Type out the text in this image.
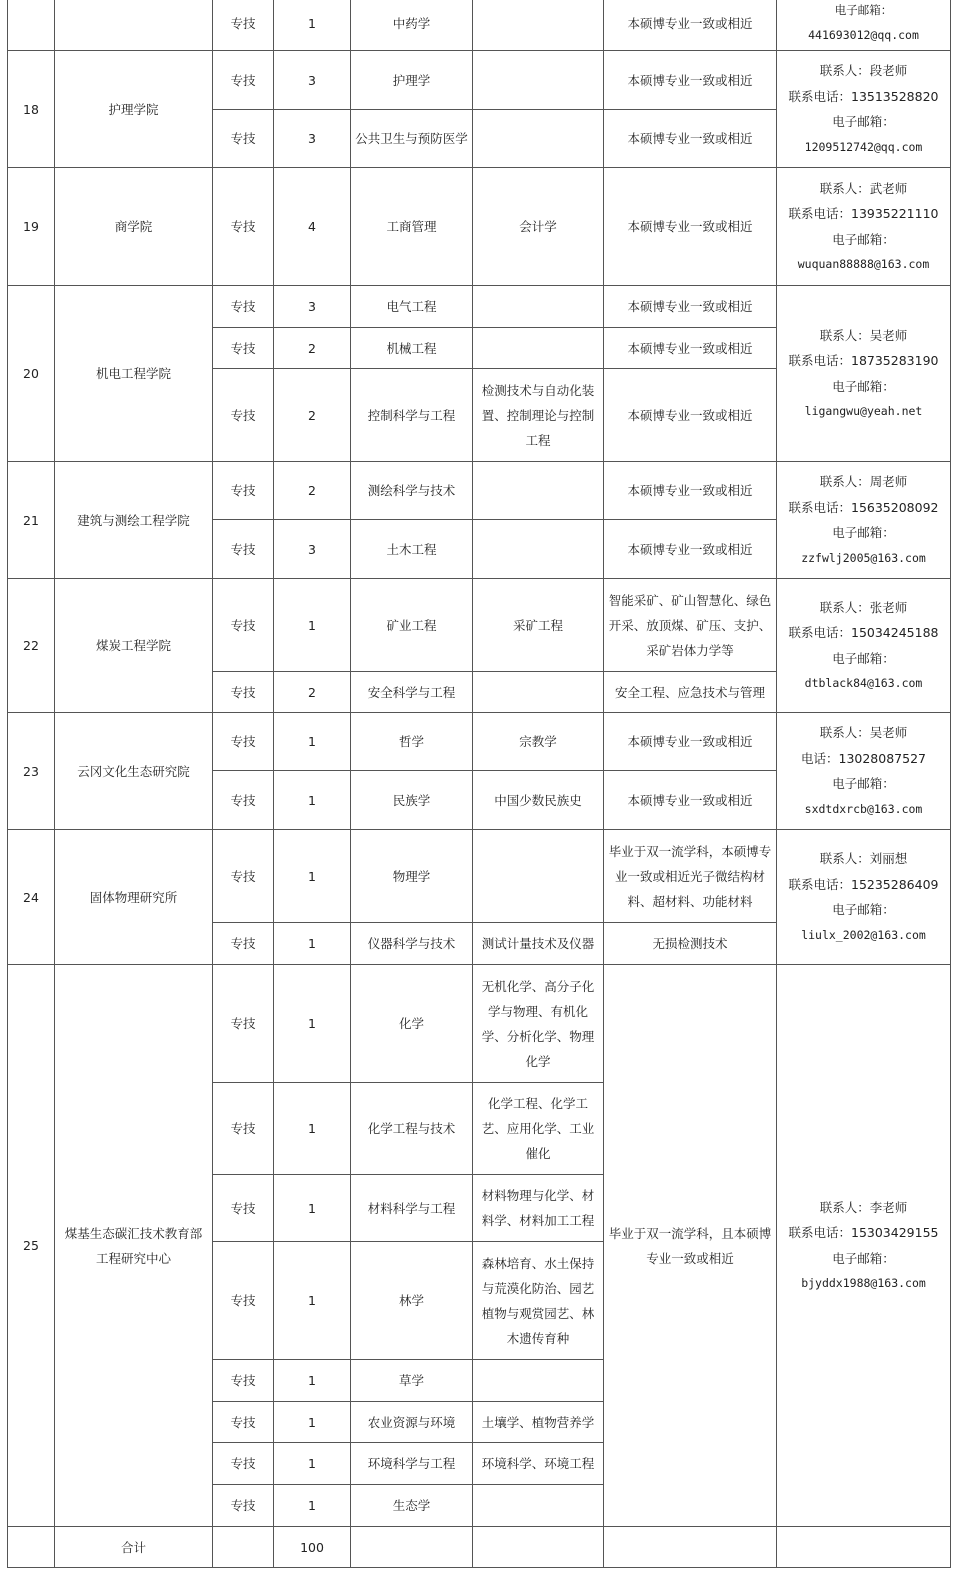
		专技	1	中药学		本硕博专业一致或相近	电子邮箱：441693012@qq.com
18	护理学院	专技	3	护理学		本硕博专业一致或相近	联系人：段老师
联系电话：13513528820
电子邮箱：
1209512742@qq.com

		专技	3	公共卫生与预防医学		本硕博专业一致或相近	
19	商学院	专技	4	工商管理	会计学	本硕博专业一致或相近	联系人：武老师
联系电话：13935221110
电子邮箱：
wuquan88888@163.com

20	机电工程学院	专技	3	电气工程		本硕博专业一致或相近	联系人：吴老师
联系电话：18735283190
电子邮箱：
ligangwu@yeah.net

		专技	2	机械工程		本硕博专业一致或相近	
		专技	2	控制科学与工程	检测技术与自动化装置、控制理论与控制工程	本硕博专业一致或相近	
21	建筑与测绘工程学院	专技	2	测绘科学与技术		本硕博专业一致或相近	联系人：周老师
联系电话：15635208092
电子邮箱：
zzfwlj2005@163.com

		专技	3	土木工程		本硕博专业一致或相近	
22	煤炭工程学院	专技	1	矿业工程	采矿工程	智能采矿、矿山智慧化、绿色开采、放顶煤、矿压、支护、采矿岩体力学等	联系人：张老师
联系电话：15034245188
电子邮箱：
dtblack84@163.com

		专技	2	安全科学与工程		安全工程、应急技术与管理	
23	云冈文化生态研究院	专技	1	哲学	宗教学	本硕博专业一致或相近	联系人：吴老师
电话：13028087527
电子邮箱：
sxdtdxrcb@163.com

		专技	1	民族学	中国少数民族史	本硕博专业一致或相近	
24	固体物理研究所	专技	1	物理学		毕业于双一流学科，本硕博专业一致或相近光子微结构材料、超材料、功能材料	联系人：刘丽想
联系电话：15235286409
电子邮箱：
liulx_2002@163.com

		专技	1	仪器科学与技术	测试计量技术及仪器	无损检测技术	
25	煤基生态碳汇技术教育部工程研究中心	专技	1	化学	无机化学、高分子化学与物理、有机化学、分析化学、物理化学	毕业于双一流学科，且本硕博专业一致或相近	联系人：李老师
联系电话：15303429155
电子邮箱：
bjyddx1988@163.com

		专技	1	化学工程与技术	化学工程、化学工艺、应用化学、工业催化		
		专技	1	材料科学与工程	材料物理与化学、材料学、材料加工工程		
		专技	1	林学	森林培育、水土保持与荒漠化防治、园艺植物与观赏园艺、林木遗传育种		
		专技	1	草学			
		专技	1	农业资源与环境	土壤学、植物营养学		
		专技	1	环境科学与工程	环境科学、环境工程		
		专技	1	生态学			
	合计		100				
